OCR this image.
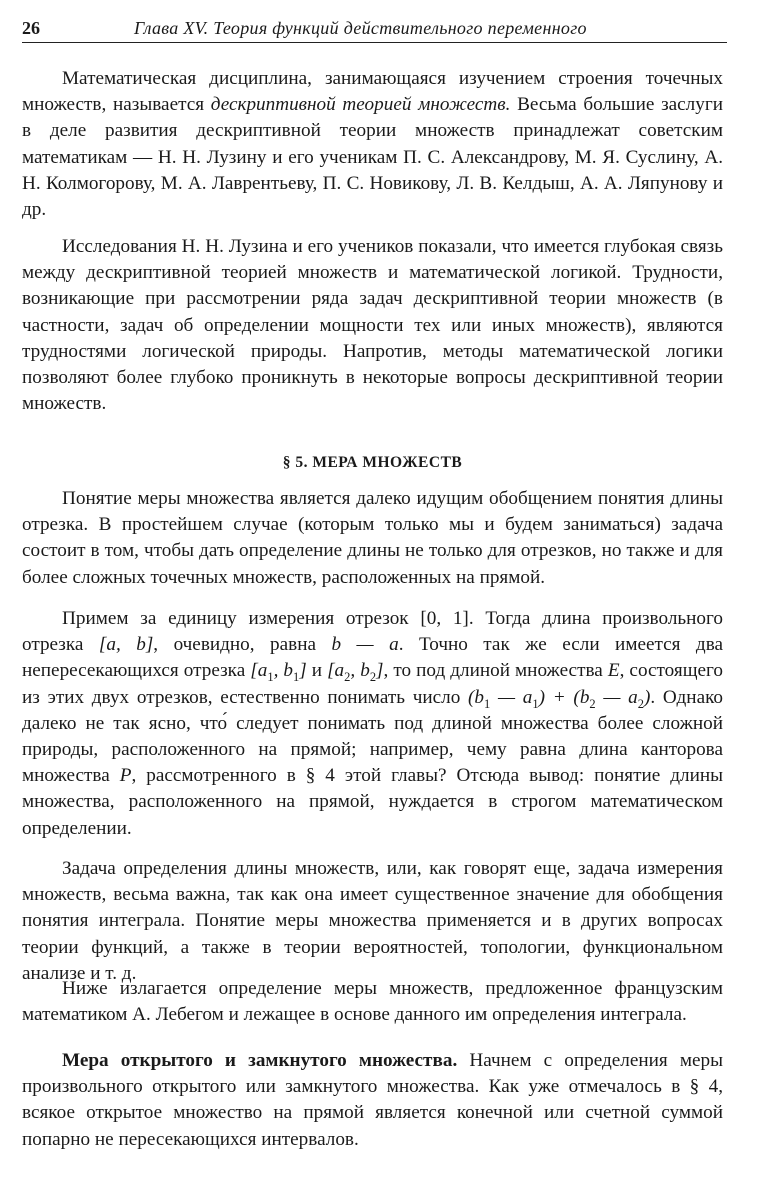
26	Глава XV. Теория функций действительного переменного

Математическая дисциплина, занимающаяся изучением строения точечных множеств, называется дескриптивной теорией множеств. Весьма большие заслуги в деле развития дескриптивной теории множеств принадлежат советским математикам — Н. Н. Лузину и его ученикам П. С. Александрову, М. Я. Суслину, А. Н. Колмогорову, М. А. Лаврентьеву, П. С. Новикову, Л. В. Келдыш, А. А. Ляпунову и др.

Исследования Н. Н. Лузина и его учеников показали, что имеется глубокая связь между дескриптивной теорией множеств и математической логикой. Трудности, возникающие при рассмотрении ряда задач дескриптивной теории множеств (в частности, задач об определении мощности тех или иных множеств), являются трудностями логической природы. Напротив, методы математической логики позволяют более глубоко проникнуть в некоторые вопросы дескриптивной теории множеств.

§ 5. МЕРА МНОЖЕСТВ

Понятие меры множества является далеко идущим обобщением понятия длины отрезка. В простейшем случае (которым только мы и будем заниматься) задача состоит в том, чтобы дать определение длины не только для отрезков, но также и для более сложных точечных множеств, расположенных на прямой.

Примем за единицу измерения отрезок [0, 1]. Тогда длина произвольного отрезка [a, b], очевидно, равна b — a. Точно так же если имеется два непересекающихся отрезка [$a_1$, $b_1$] и [$a_2$, $b_2$], то под длиной множества E, состоящего из этих двух отрезков, естественно понимать число ($b_1$ — $a_1) + (b_2$ — $a_2$). Однако далеко не так ясно, что́ следует понимать под длиной множества более сложной природы, расположенного на прямой; например, чему равна длина канторова множества P, рассмотренного в § 4 этой главы? Отсюда вывод: понятие длины множества, расположенного на прямой, нуждается в строгом математическом определении.

Задача определения длины множеств, или, как говорят еще, задача измерения множеств, весьма важна, так как она имеет существенное значение для обобщения понятия интеграла. Понятие меры множества применяется и в других вопросах теории функций, а также в теории вероятностей, топологии, функциональном анализе и т. д.

Ниже излагается определение меры множеств, предложенное французским математиком А. Лебегом и лежащее в основе данного им определения интеграла.

Мера открытого и замкнутого множества. Начнем с определения меры произвольного открытого или замкнутого множества. Как уже отмечалось в § 4, всякое открытое множество на прямой является конечной или счетной суммой попарно не пересекающихся интервалов.
